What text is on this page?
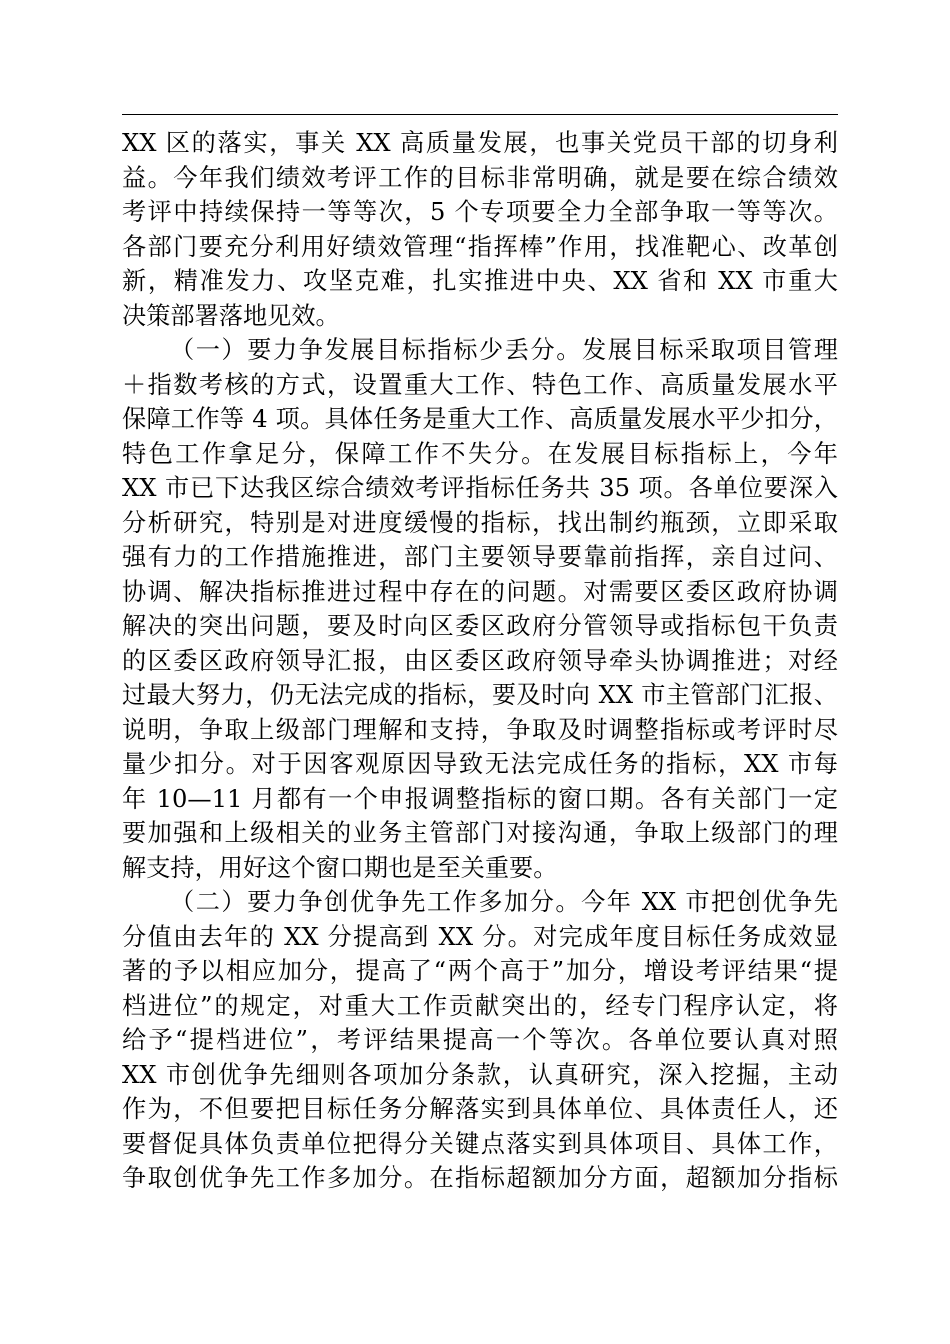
XX 区的落实，事关 XX 高质量发展，也事关党员干部的切身利
益。今年我们绩效考评工作的目标非常明确，就是要在综合绩效
考评中持续保持一等等次，5 个专项要全力全部争取一等等次。
各部门要充分利用好绩效管理“指挥棒”作用，找准靶心、改革创
新，精准发力、攻坚克难，扎实推进中央、XX 省和 XX 市重大
决策部署落地见效。
（一）要力争发展目标指标少丢分。发展目标采取项目管理
＋指数考核的方式，设置重大工作、特色工作、高质量发展水平
保障工作等 4 项。具体任务是重大工作、高质量发展水平少扣分，
特色工作拿足分，保障工作不失分。在发展目标指标上，今年
XX 市已下达我区综合绩效考评指标任务共 35 项。各单位要深入
分析研究，特别是对进度缓慢的指标，找出制约瓶颈，立即采取
强有力的工作措施推进，部门主要领导要靠前指挥，亲自过问、
协调、解决指标推进过程中存在的问题。对需要区委区政府协调
解决的突出问题，要及时向区委区政府分管领导或指标包干负责
的区委区政府领导汇报，由区委区政府领导牵头协调推进；对经
过最大努力，仍无法完成的指标，要及时向 XX 市主管部门汇报、
说明，争取上级部门理解和支持，争取及时调整指标或考评时尽
量少扣分。对于因客观原因导致无法完成任务的指标，XX 市每
年 10—11 月都有一个申报调整指标的窗口期。各有关部门一定
要加强和上级相关的业务主管部门对接沟通，争取上级部门的理
解支持，用好这个窗口期也是至关重要。
（二）要力争创优争先工作多加分。今年 XX 市把创优争先
分值由去年的 XX 分提高到 XX 分。对完成年度目标任务成效显
著的予以相应加分，提高了“两个高于”加分，增设考评结果“提
档进位”的规定，对重大工作贡献突出的，经专门程序认定，将
给予“提档进位”，考评结果提高一个等次。各单位要认真对照
XX 市创优争先细则各项加分条款，认真研究，深入挖掘，主动
作为，不但要把目标任务分解落实到具体单位、具体责任人，还
要督促具体负责单位把得分关键点落实到具体项目、具体工作，
争取创优争先工作多加分。在指标超额加分方面，超额加分指标
